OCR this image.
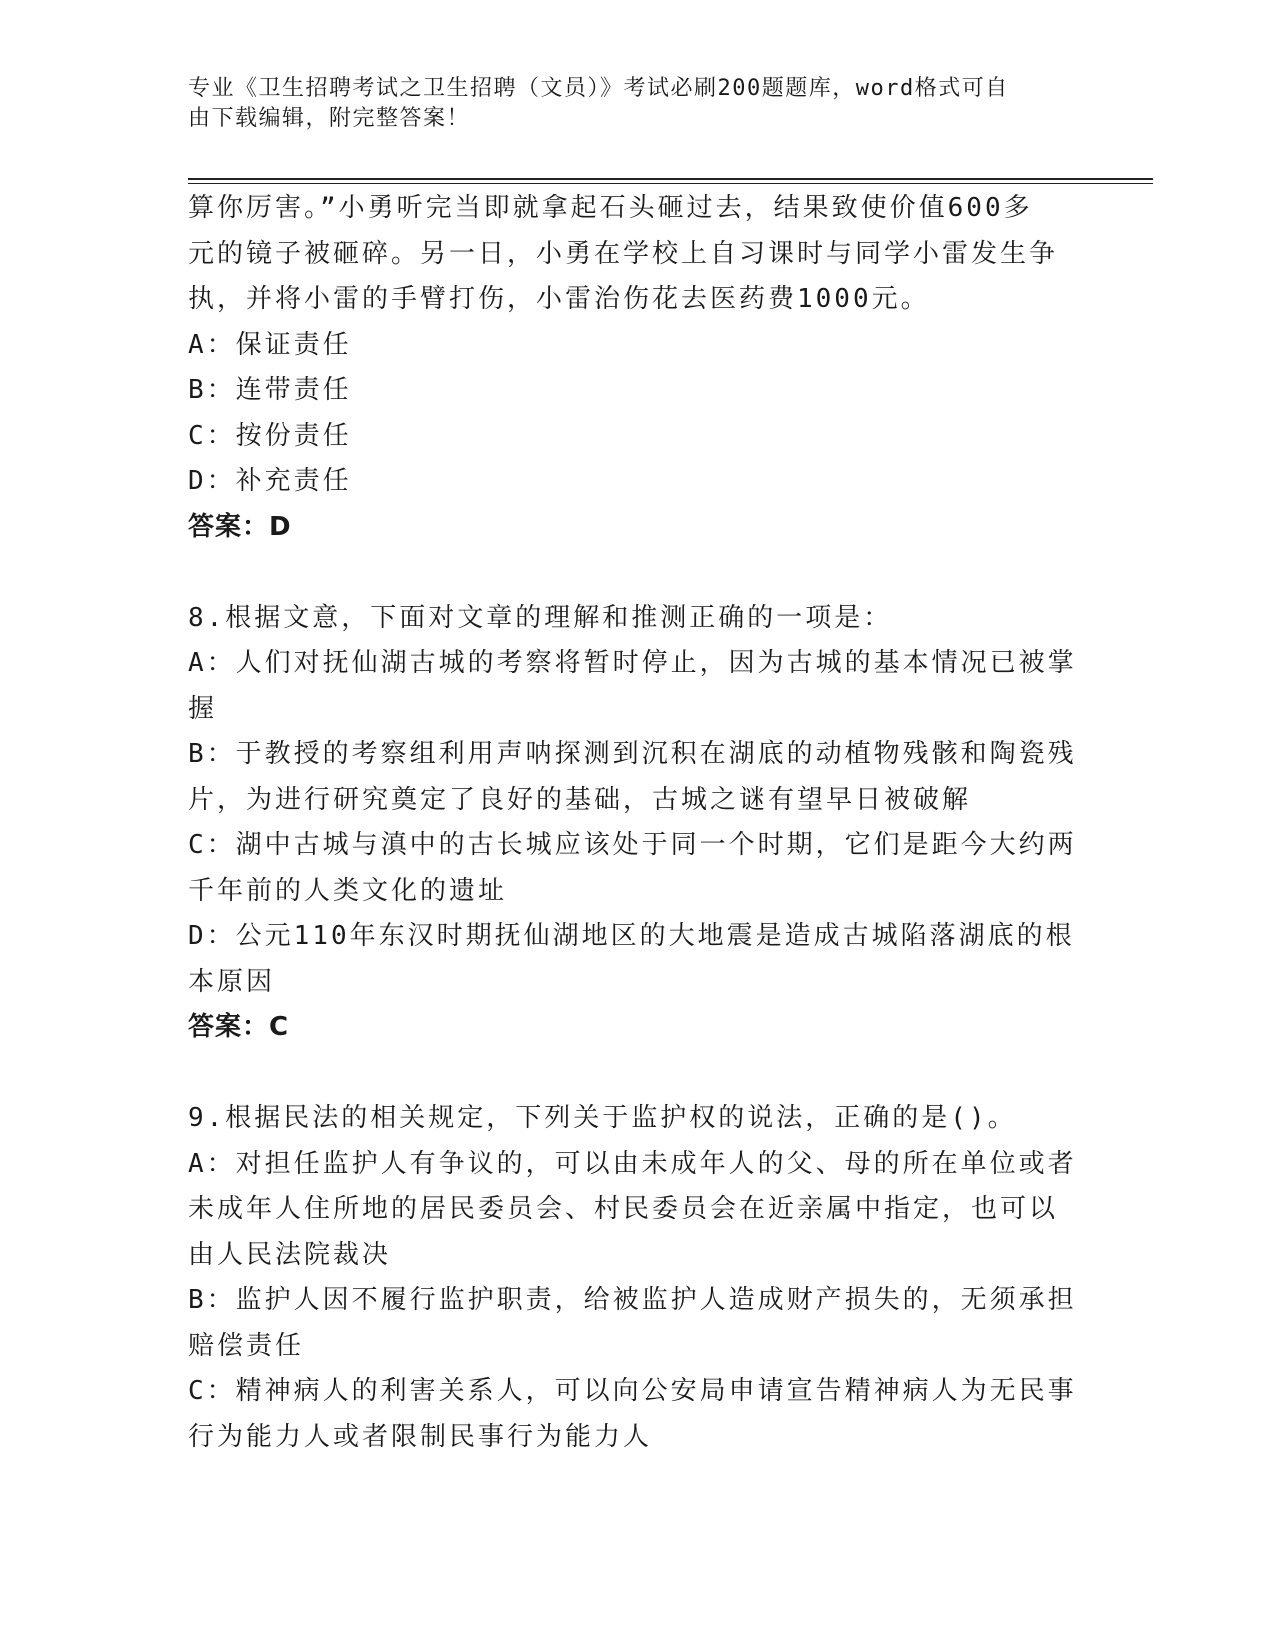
专业《卫生招聘考试之卫生招聘（文员）》考试必刷200题题库，word格式可自
由下载编辑，附完整答案！
算你厉害。”小勇听完当即就拿起石头砸过去，结果致使价值600多
元的镜子被砸碎。另一日，小勇在学校上自习课时与同学小雷发生争
执，并将小雷的手臂打伤，小雷治伤花去医药费1000元。
A：保证责任
B：连带责任
C：按份责任
D：补充责任
答案：D
8.根据文意，下面对文章的理解和推测正确的一项是：
A：人们对抚仙湖古城的考察将暂时停止，因为古城的基本情况已被掌
握
B：于教授的考察组利用声呐探测到沉积在湖底的动植物残骸和陶瓷残
片，为进行研究奠定了良好的基础，古城之谜有望早日被破解
C：湖中古城与滇中的古长城应该处于同一个时期，它们是距今大约两
千年前的人类文化的遗址
D：公元110年东汉时期抚仙湖地区的大地震是造成古城陷落湖底的根
本原因
答案：C
9.根据民法的相关规定，下列关于监护权的说法，正确的是()。
A：对担任监护人有争议的，可以由未成年人的父、母的所在单位或者
未成年人住所地的居民委员会、村民委员会在近亲属中指定，也可以
由人民法院裁决
B：监护人因不履行监护职责，给被监护人造成财产损失的，无须承担
赔偿责任
C：精神病人的利害关系人，可以向公安局申请宣告精神病人为无民事
行为能力人或者限制民事行为能力人
